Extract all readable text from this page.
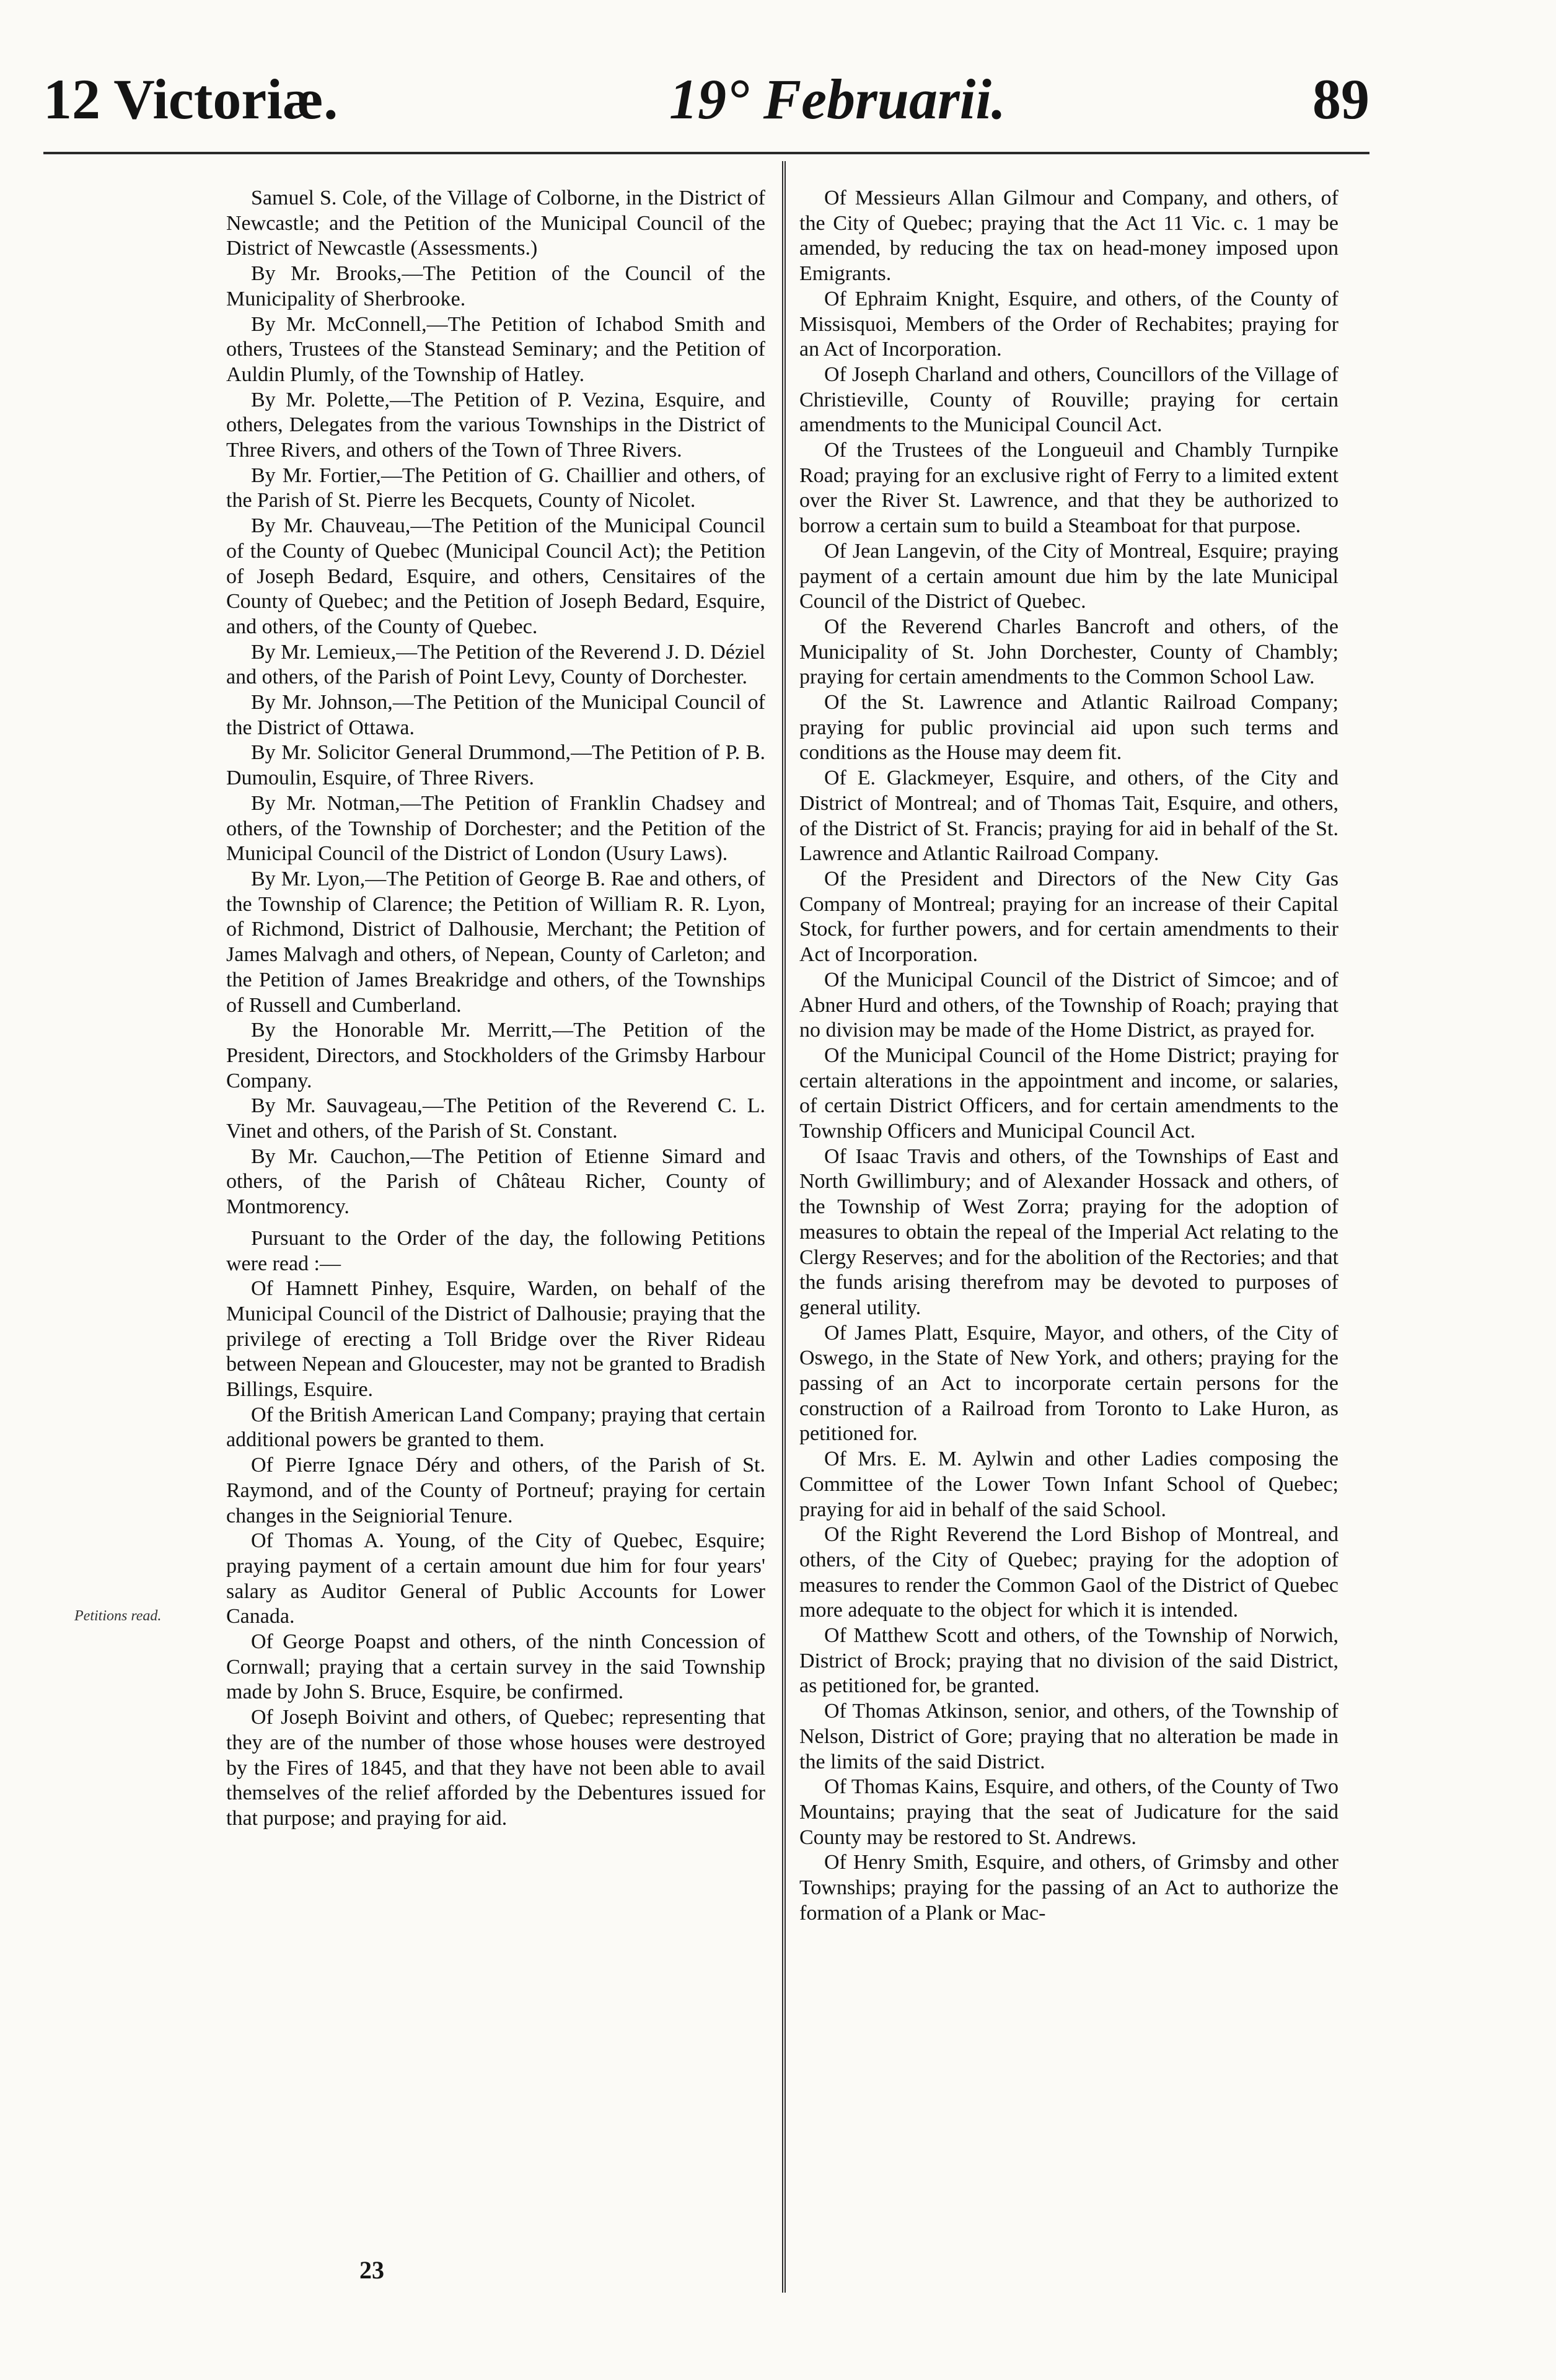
12 Victoriæ.	19° Februarii.	89
Petitions read.

Samuel S. Cole, of the Village of Colborne, in the District of Newcastle; and the Petition of the Municipal Council of the District of Newcastle (Assessments.)

By Mr. Brooks,—The Petition of the Council of the Municipality of Sherbrooke.

By Mr. McConnell,—The Petition of Ichabod Smith and others, Trustees of the Stanstead Seminary; and the Petition of Auldin Plumly, of the Township of Hatley.

By Mr. Polette,—The Petition of P. Vezina, Esquire, and others, Delegates from the various Townships in the District of Three Rivers, and others of the Town of Three Rivers.

By Mr. Fortier,—The Petition of G. Chaillier and others, of the Parish of St. Pierre les Becquets, County of Nicolet.

By Mr. Chauveau,—The Petition of the Municipal Council of the County of Quebec (Municipal Council Act); the Petition of Joseph Bedard, Esquire, and others, Censitaires of the County of Quebec; and the Petition of Joseph Bedard, Esquire, and others, of the County of Quebec.

By Mr. Lemieux,—The Petition of the Reverend J. D. Déziel and others, of the Parish of Point Levy, County of Dorchester.

By Mr. Johnson,—The Petition of the Municipal Council of the District of Ottawa.

By Mr. Solicitor General Drummond,—The Petition of P. B. Dumoulin, Esquire, of Three Rivers.

By Mr. Notman,—The Petition of Franklin Chadsey and others, of the Township of Dorchester; and the Petition of the Municipal Council of the District of London (Usury Laws).

By Mr. Lyon,—The Petition of George B. Rae and others, of the Township of Clarence; the Petition of William R. R. Lyon, of Richmond, District of Dalhousie, Merchant; the Petition of James Malvagh and others, of Nepean, County of Carleton; and the Petition of James Breakridge and others, of the Townships of Russell and Cumberland.

By the Honorable Mr. Merritt,—The Petition of the President, Directors, and Stockholders of the Grimsby Harbour Company.

By Mr. Sauvageau,—The Petition of the Reverend C. L. Vinet and others, of the Parish of St. Constant.

By Mr. Cauchon,—The Petition of Etienne Simard and others, of the Parish of Château Richer, County of Montmorency.

Pursuant to the Order of the day, the following Petitions were read :—

Of Hamnett Pinhey, Esquire, Warden, on behalf of the Municipal Council of the District of Dalhousie; praying that the privilege of erecting a Toll Bridge over the River Rideau between Nepean and Gloucester, may not be granted to Bradish Billings, Esquire.

Of the British American Land Company; praying that certain additional powers be granted to them.

Of Pierre Ignace Déry and others, of the Parish of St. Raymond, and of the County of Portneuf; praying for certain changes in the Seigniorial Tenure.

Of Thomas A. Young, of the City of Quebec, Esquire; praying payment of a certain amount due him for four years' salary as Auditor General of Public Accounts for Lower Canada.

Of George Poapst and others, of the ninth Concession of Cornwall; praying that a certain survey in the said Township made by John S. Bruce, Esquire, be confirmed.

Of Joseph Boivint and others, of Quebec; representing that they are of the number of those whose houses were destroyed by the Fires of 1845, and that they have not been able to avail themselves of the relief afforded by the Debentures issued for that purpose; and praying for aid.

Of Messieurs Allan Gilmour and Company, and others, of the City of Quebec; praying that the Act 11 Vic. c. 1 may be amended, by reducing the tax on head-money imposed upon Emigrants.

Of Ephraim Knight, Esquire, and others, of the County of Missisquoi, Members of the Order of Rechabites; praying for an Act of Incorporation.

Of Joseph Charland and others, Councillors of the Village of Christieville, County of Rouville; praying for certain amendments to the Municipal Council Act.

Of the Trustees of the Longueuil and Chambly Turnpike Road; praying for an exclusive right of Ferry to a limited extent over the River St. Lawrence, and that they be authorized to borrow a certain sum to build a Steamboat for that purpose.

Of Jean Langevin, of the City of Montreal, Esquire; praying payment of a certain amount due him by the late Municipal Council of the District of Quebec.

Of the Reverend Charles Bancroft and others, of the Municipality of St. John Dorchester, County of Chambly; praying for certain amendments to the Common School Law.

Of the St. Lawrence and Atlantic Railroad Company; praying for public provincial aid upon such terms and conditions as the House may deem fit.

Of E. Glackmeyer, Esquire, and others, of the City and District of Montreal; and of Thomas Tait, Esquire, and others, of the District of St. Francis; praying for aid in behalf of the St. Lawrence and Atlantic Railroad Company.

Of the President and Directors of the New City Gas Company of Montreal; praying for an increase of their Capital Stock, for further powers, and for certain amendments to their Act of Incorporation.

Of the Municipal Council of the District of Simcoe; and of Abner Hurd and others, of the Township of Roach; praying that no division may be made of the Home District, as prayed for.

Of the Municipal Council of the Home District; praying for certain alterations in the appointment and income, or salaries, of certain District Officers, and for certain amendments to the Township Officers and Municipal Council Act.

Of Isaac Travis and others, of the Townships of East and North Gwillimbury; and of Alexander Hossack and others, of the Township of West Zorra; praying for the adoption of measures to obtain the repeal of the Imperial Act relating to the Clergy Reserves; and for the abolition of the Rectories; and that the funds arising therefrom may be devoted to purposes of general utility.

Of James Platt, Esquire, Mayor, and others, of the City of Oswego, in the State of New York, and others; praying for the passing of an Act to incorporate certain persons for the construction of a Railroad from Toronto to Lake Huron, as petitioned for.

Of Mrs. E. M. Aylwin and other Ladies composing the Committee of the Lower Town Infant School of Quebec; praying for aid in behalf of the said School.

Of the Right Reverend the Lord Bishop of Montreal, and others, of the City of Quebec; praying for the adoption of measures to render the Common Gaol of the District of Quebec more adequate to the object for which it is intended.

Of Matthew Scott and others, of the Township of Norwich, District of Brock; praying that no division of the said District, as petitioned for, be granted.

Of Thomas Atkinson, senior, and others, of the Township of Nelson, District of Gore; praying that no alteration be made in the limits of the said District.

Of Thomas Kains, Esquire, and others, of the County of Two Mountains; praying that the seat of Judicature for the said County may be restored to St. Andrews.

Of Henry Smith, Esquire, and others, of Grimsby and other Townships; praying for the passing of an Act to authorize the formation of a Plank or Mac-

23
